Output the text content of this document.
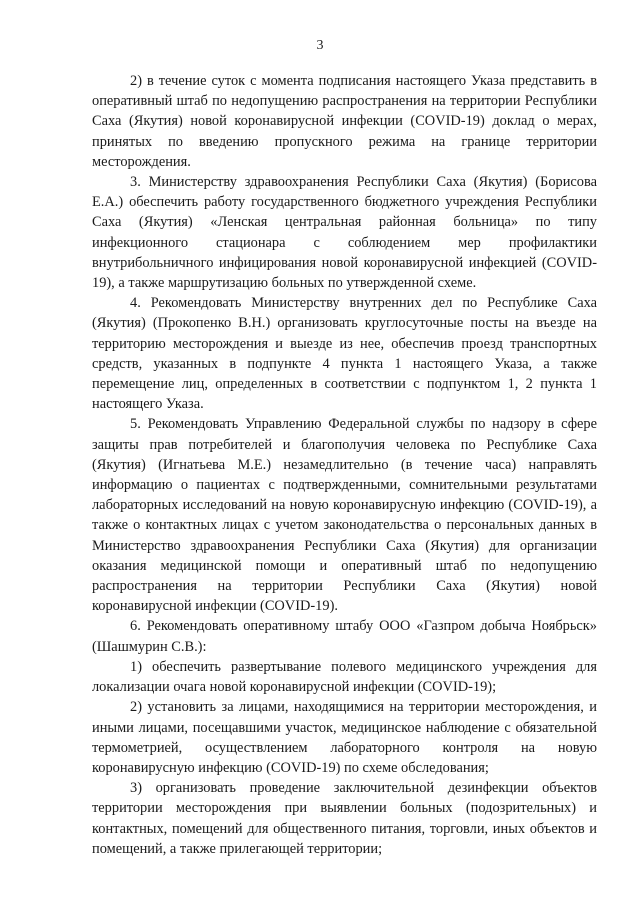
3

2) в течение суток с момента подписания настоящего Указа представить в оперативный штаб по недопущению распространения на территории Республики Саха (Якутия) новой коронавирусной инфекции (COVID-19) доклад о мерах, принятых по введению пропускного режима на границе территории месторождения.

3. Министерству здравоохранения Республики Саха (Якутия) (Борисова Е.А.) обеспечить работу государственного бюджетного учреждения Республики Саха (Якутия) «Ленская центральная районная больница» по типу инфекционного стационара с соблюдением мер профилактики внутрибольничного инфицирования новой коронавирусной инфекцией (COVID-19), а также маршрутизацию больных по утвержденной схеме.

4. Рекомендовать Министерству внутренних дел по Республике Саха (Якутия) (Прокопенко В.Н.) организовать круглосуточные посты на въезде на территорию месторождения и выезде из нее, обеспечив проезд транспортных средств, указанных в подпункте 4 пункта 1 настоящего Указа, а также перемещение лиц, определенных в соответствии с подпунктом 1, 2 пункта 1 настоящего Указа.

5. Рекомендовать Управлению Федеральной службы по надзору в сфере защиты прав потребителей и благополучия человека по Республике Саха (Якутия) (Игнатьева М.Е.) незамедлительно (в течение часа) направлять информацию о пациентах с подтвержденными, сомнительными результатами лабораторных исследований на новую коронавирусную инфекцию (COVID-19), а также о контактных лицах с учетом законодательства о персональных данных в Министерство здравоохранения Республики Саха (Якутия) для организации оказания медицинской помощи и оперативный штаб по недопущению распространения на территории Республики Саха (Якутия) новой коронавирусной инфекции (COVID-19).

6. Рекомендовать оперативному штабу ООО «Газпром добыча Ноябрьск» (Шашмурин С.В.):

1) обеспечить развертывание полевого медицинского учреждения для локализации очага новой коронавирусной инфекции (COVID-19);

2) установить за лицами, находящимися на территории месторождения, и иными лицами, посещавшими участок, медицинское наблюдение с обязательной термометрией, осуществлением лабораторного контроля на новую коронавирусную инфекцию (COVID-19) по схеме обследования;

3) организовать проведение заключительной дезинфекции объектов территории месторождения при выявлении больных (подозрительных) и контактных, помещений для общественного питания, торговли, иных объектов и помещений, а также прилегающей территории;
